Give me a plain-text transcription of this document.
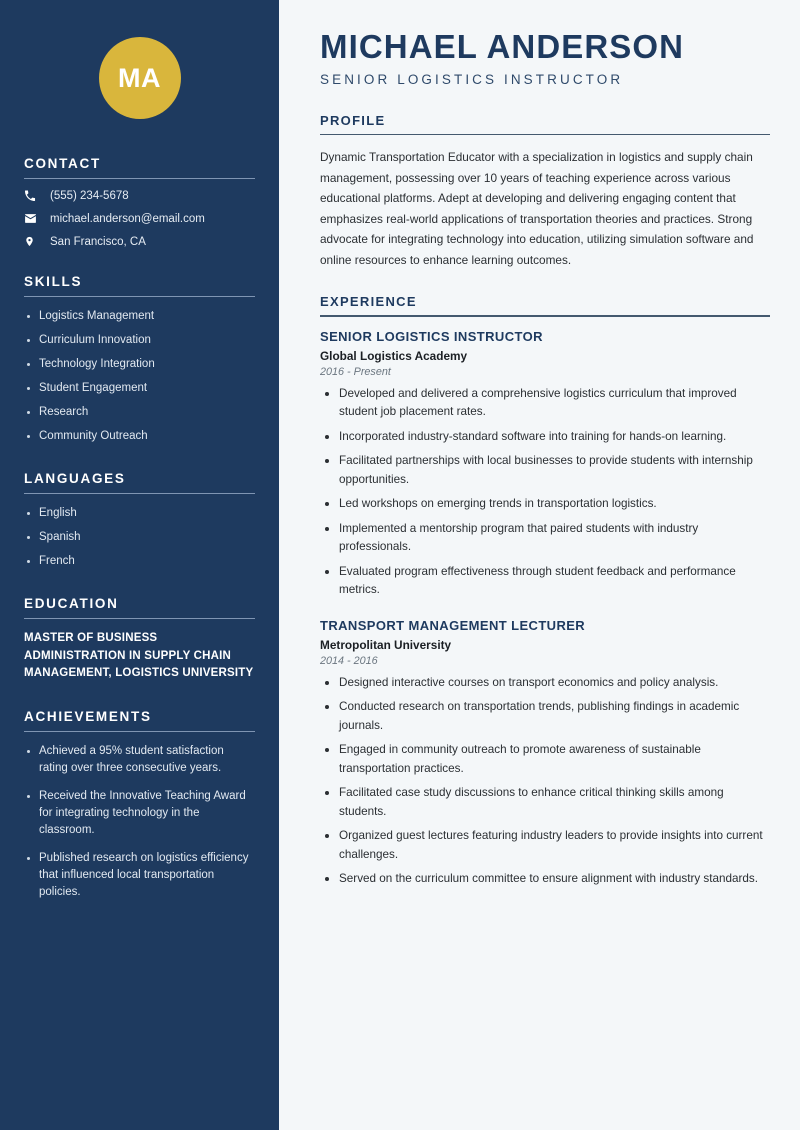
MA
CONTACT
(555) 234-5678
michael.anderson@email.com
San Francisco, CA
SKILLS
Logistics Management
Curriculum Innovation
Technology Integration
Student Engagement
Research
Community Outreach
LANGUAGES
English
Spanish
French
EDUCATION
MASTER OF BUSINESS ADMINISTRATION IN SUPPLY CHAIN MANAGEMENT, LOGISTICS UNIVERSITY
ACHIEVEMENTS
Achieved a 95% student satisfaction rating over three consecutive years.
Received the Innovative Teaching Award for integrating technology in the classroom.
Published research on logistics efficiency that influenced local transportation policies.
MICHAEL ANDERSON
SENIOR LOGISTICS INSTRUCTOR
PROFILE

Dynamic Transportation Educator with a specialization in logistics and supply chain management, possessing over 10 years of teaching experience across various educational platforms. Adept at developing and delivering engaging content that emphasizes real-world applications of transportation theories and practices. Strong advocate for integrating technology into education, utilizing simulation software and online resources to enhance learning outcomes.

EXPERIENCE
SENIOR LOGISTICS INSTRUCTOR
Global Logistics Academy
2016 - Present
Developed and delivered a comprehensive logistics curriculum that improved student job placement rates.
Incorporated industry-standard software into training for hands-on learning.
Facilitated partnerships with local businesses to provide students with internship opportunities.
Led workshops on emerging trends in transportation logistics.
Implemented a mentorship program that paired students with industry professionals.
Evaluated program effectiveness through student feedback and performance metrics.
TRANSPORT MANAGEMENT LECTURER
Metropolitan University
2014 - 2016
Designed interactive courses on transport economics and policy analysis.
Conducted research on transportation trends, publishing findings in academic journals.
Engaged in community outreach to promote awareness of sustainable transportation practices.
Facilitated case study discussions to enhance critical thinking skills among students.
Organized guest lectures featuring industry leaders to provide insights into current challenges.
Served on the curriculum committee to ensure alignment with industry standards.
